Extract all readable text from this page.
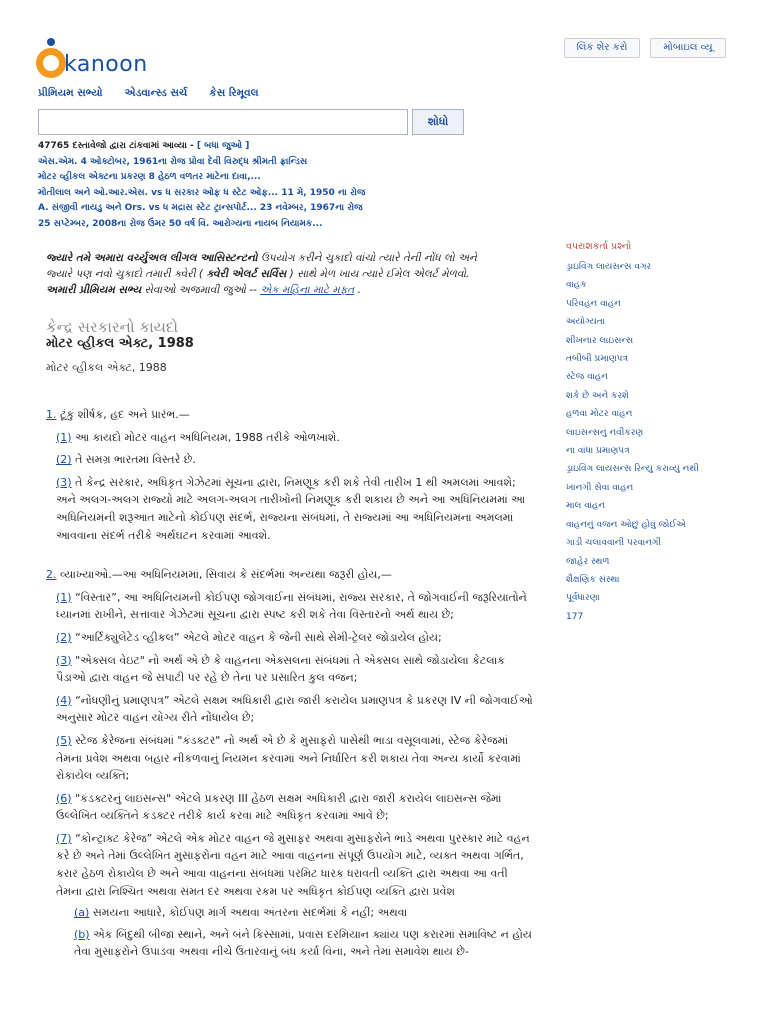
kanoon
લિંક શેર કરો	મોબાઇલ વ્યૂ
પ્રીમિયમ સભ્યો એડવાન્સ્ડ સર્ચ કેસ રિમૂવલ
શોધો
47765 દસ્તાવેજો દ્વારા ટાંકવામાં આવ્યા - [ બધા જુઓ ]
એસ.એમ. 4 ઓક્ટોબર, 1961ના રોજ પ્રોવા દેવી વિરુદ્ધ શ્રીમતી ફ્રાન્ડિસ
મોટર વ્હીકલ એક્ટના પ્રકરણ 8 હેઠળ વળતર માટેના દાવા,...
મોતીલાલ અને ઓ.આર.એસ. vs ધ સરકાર ઓફ ધ સ્ટેટ ઓફ... 11 મે, 1950 ના રોજ
A. સંજીવી નાયડુ અને Ors. vs ધ મદ્રાસ સ્ટેટ ટ્રાન્સપોર્ટ... 23 નવેમ્બર, 1967ના રોજ
25 સપ્ટેમ્બર, 2008ના રોજ ઉંમર 50 વર્ષ વિ. આરોગ્યના નાયબ નિયામક...
જ્યારે તમે અમારા વર્ચ્યુઅલ લીગલ આસિસ્ટન્ટનો ઉપયોગ કરીને ચુકાદો વાંચો ત્યારે તેની નોંધ લો અને
જ્યારે પણ નવો ચુકાદો તમારી ક્વેરી ( ક્વેરી એલર્ટ સર્વિસ ) સાથે મેળ ખાય ત્યારે ઈમેલ એલર્ટ મેળવો.
અમારી પ્રીમિયમ સભ્ય સેવાઓ અજમાવી જુઓ -- એક મહિના માટે મફત .
કેન્દ્ર સરકારનો કાયદો
મોટર વ્હીકલ એક્ટ, 1988
મોટર વ્હીકલ એક્ટ, 1988
1. ટૂંકું શીર્ષક, હદ અને પ્રારંભ.—
(1) આ કાયદો મોટર વાહન અધિનિયમ, 1988 તરીકે ઓળખાશે.
(2) તે સમગ્ર ભારતમાં વિસ્તરે છે.
(3) તે કેન્દ્ર સરકાર, અધિકૃત ગેઝેટમાં સૂચના દ્વારા, નિમણૂક કરી શકે તેવી તારીખ 1 થી અમલમાં આવશે; અને અલગ-અલગ રાજ્યો માટે અલગ-અલગ તારીખોની નિમણૂક કરી શકાય છે અને આ અધિનિયમમાં આ અધિનિયમની શરૂઆત માટેનો કોઈપણ સંદર્ભ, રાજ્યના સંબંધમાં, તે રાજ્યમાં આ અધિનિયમના અમલમાં આવવાના સંદર્ભ તરીકે અર્થઘટન કરવામાં આવશે.
2. વ્યાખ્યાઓ.—આ અધિનિયમમાં, સિવાય કે સંદર્ભમાં અન્યથા જરૂરી હોય,—
(1) “વિસ્તાર”, આ અધિનિયમની કોઈપણ જોગવાઈના સંબંધમાં, રાજ્ય સરકાર, તે જોગવાઈની જરૂરિયાતોને ધ્યાનમાં રાખીને, સત્તાવાર ગેઝેટમાં સૂચના દ્વારા સ્પષ્ટ કરી શકે તેવા વિસ્તારનો અર્થ થાય છે;
(2) “આર્ટિક્યુલેટેડ વ્હીકલ” એટલે મોટર વાહન કે જેની સાથે સેમી-ટ્રેલર જોડાયેલ હોય;
(3) "એક્સલ વેઇટ" નો અર્થ એ છે કે વાહનના એક્સલના સંબંધમાં તે એક્સલ સાથે જોડાયેલા કેટલાક પૈડાઓ દ્વારા વાહન જે સપાટી પર રહે છે તેના પર પ્રસારિત કુલ વજન;
(4) “નોંધણીનું પ્રમાણપત્ર” એટલે સક્ષમ અધિકારી દ્વારા જારી કરાયેલ પ્રમાણપત્ર કે પ્રકરણ IV ની જોગવાઈઓ અનુસાર મોટર વાહન યોગ્ય રીતે નોંધાયેલ છે;
(5) સ્ટેજ કેરેજના સંબંધમાં "કંડક્ટર" નો અર્થ એ છે કે મુસાફરો પાસેથી ભાડા વસૂલવામાં, સ્ટેજ કેરેજમાં તેમના પ્રવેશ અથવા બહાર નીકળવાનું નિયમન કરવામાં અને નિર્ધારિત કરી શકાય તેવા અન્ય કાર્યો કરવામાં રોકાયેલ વ્યક્તિ;
(6) "કંડક્ટરનું લાઇસન્સ" એટલે પ્રકરણ III હેઠળ સક્ષમ અધિકારી દ્વારા જારી કરાયેલ લાઇસન્સ જેમાં ઉલ્લેખિત વ્યક્તિને કંડક્ટર તરીકે કાર્ય કરવા માટે અધિકૃત કરવામાં આવે છે;
(7) “કોન્ટ્રાક્ટ કેરેજ” એટલે એક મોટર વાહન જે મુસાફર અથવા મુસાફરોને ભાડે અથવા પુરસ્કાર માટે વહન કરે છે અને તેમાં ઉલ્લેખિત મુસાફરોના વહન માટે આવા વાહનના સંપૂર્ણ ઉપયોગ માટે, વ્યક્ત અથવા ગર્ભિત, કરાર હેઠળ રોકાયેલ છે અને આવા વાહનના સંબંધમાં પરમિટ ધારક ધરાવતી વ્યક્તિ દ્વારા અથવા આ વતી તેમના દ્વારા નિશ્ચિત અથવા સંમત દર અથવા રકમ પર અધિકૃત કોઈપણ વ્યક્તિ દ્વારા પ્રવેશ
(a) સમયના આધારે, કોઈપણ માર્ગ અથવા અંતરના સંદર્ભમાં કે નહીં; અથવા
(b) એક બિંદુથી બીજા સ્થાને, અને બંને કિસ્સામાં, પ્રવાસ દરમિયાન ક્યાંય પણ કરારમાં સમાવિષ્ટ ન હોય તેવા મુસાફરોને ઉપાડવા અથવા નીચે ઉતારવાનું બંધ કર્યા વિના, અને તેમાં સમાવેશ થાય છે-
વપરાશકર્તા પ્રશ્નો
ડ્રાઇવિંગ લાયસન્સ વગર
વાહક
પરિવહન વાહન
અયોગ્યતા
શીખનાર લાઇસન્સ
તબીબી પ્રમાણપત્ર
સ્ટેજ વાહન
શકે છે અને કરશે
હળવા મોટર વાહન
લાઇસન્સનું નવીકરણ
ના વાંધા પ્રમાણપત્ર
ડ્રાઇવિંગ લાયસન્સ રિન્યુ કરાવ્યું નથી
ખાનગી સેવા વાહન
માલ વાહન
વાહનનું વજન ઓછું હોવું જોઈએ
ગાડી ચલાવવાની પરવાનગી
જાહેર સ્થળ
શૈક્ષણિક સંસ્થા
પૂર્વધારણા
177
